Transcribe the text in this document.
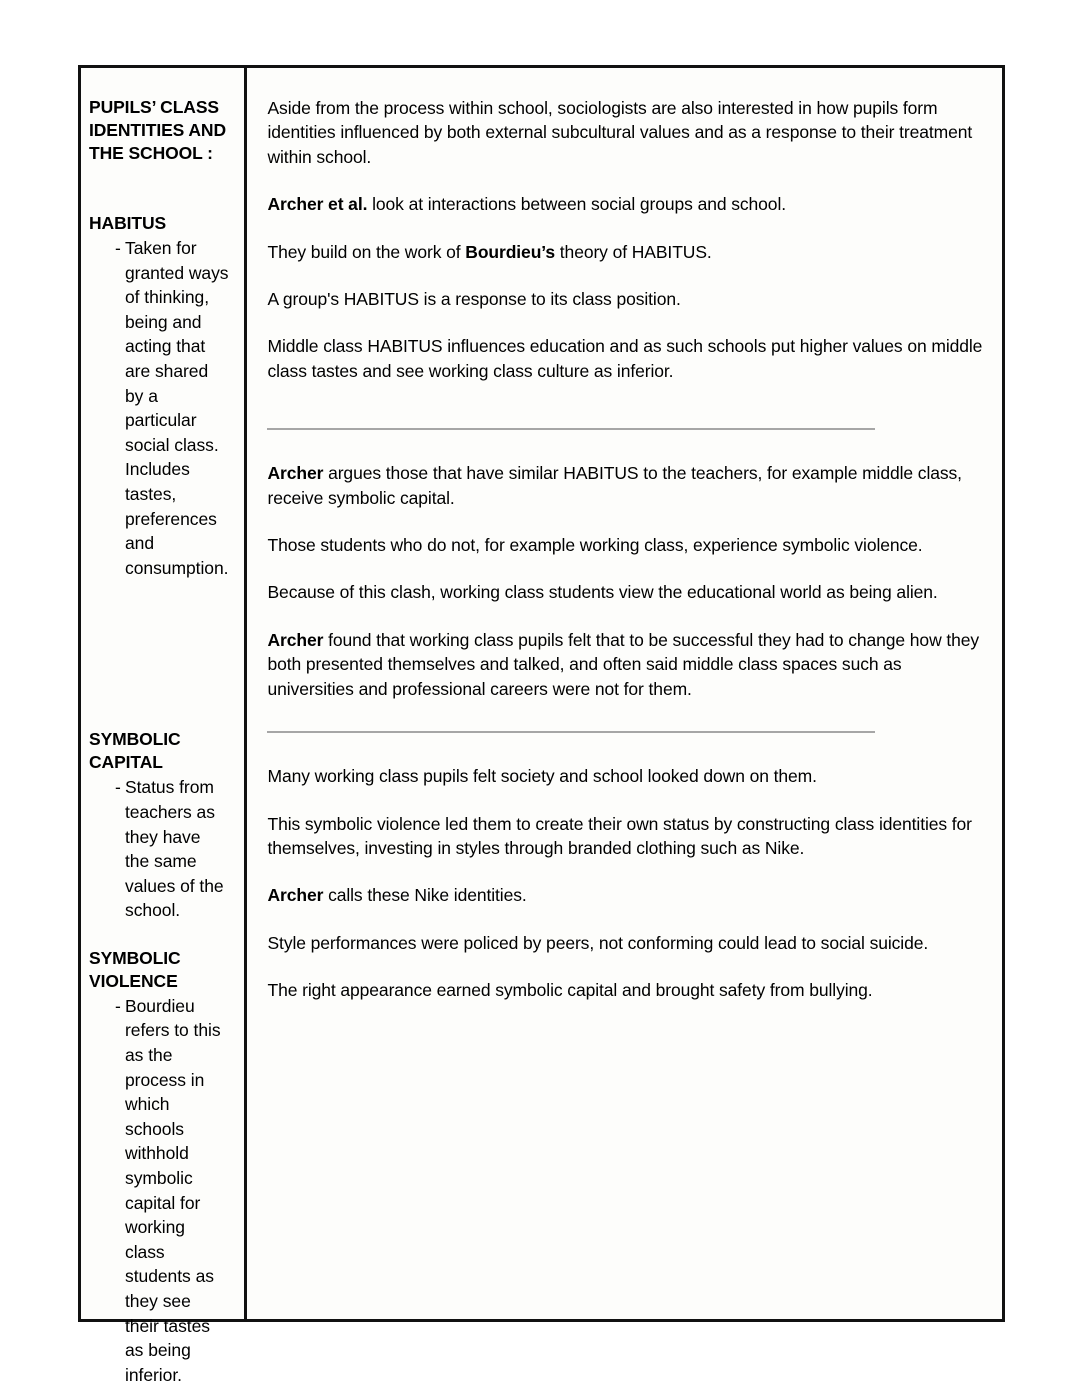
PUPILS’ CLASS IDENTITIES AND THE SCHOOL :
HABITUS
- Taken for granted ways of thinking, being and acting that are shared by a particular social class. Includes tastes, preferences and consumption.
SYMBOLIC CAPITAL
- Status from teachers as they have the same values of the school.
SYMBOLIC VIOLENCE
- Bourdieu refers to this as the process in which schools withhold symbolic capital for working class students as they see their tastes as being inferior.

Aside from the process within school, sociologists are also interested in how pupils form identities influenced by both external subcultural values and as a response to their treatment within school.

Archer et al. look at interactions between social groups and school.

They build on the work of Bourdieu’s theory of HABITUS.

A group's HABITUS is a response to its class position.

Middle class HABITUS influences education and as such schools put higher values on middle class tastes and see working class culture as inferior.

Archer argues those that have similar HABITUS to the teachers, for example middle class, receive symbolic capital.

Those students who do not, for example working class, experience symbolic violence.

Because of this clash, working class students view the educational world as being alien.

Archer found that working class pupils felt that to be successful they had to change how they both presented themselves and talked, and often said middle class spaces such as universities and professional careers were not for them.

Many working class pupils felt society and school looked down on them.

This symbolic violence led them to create their own status by constructing class identities for themselves, investing in styles through branded clothing such as Nike.

Archer calls these Nike identities.

Style performances were policed by peers, not conforming could lead to social suicide.

The right appearance earned symbolic capital and brought safety from bullying.
